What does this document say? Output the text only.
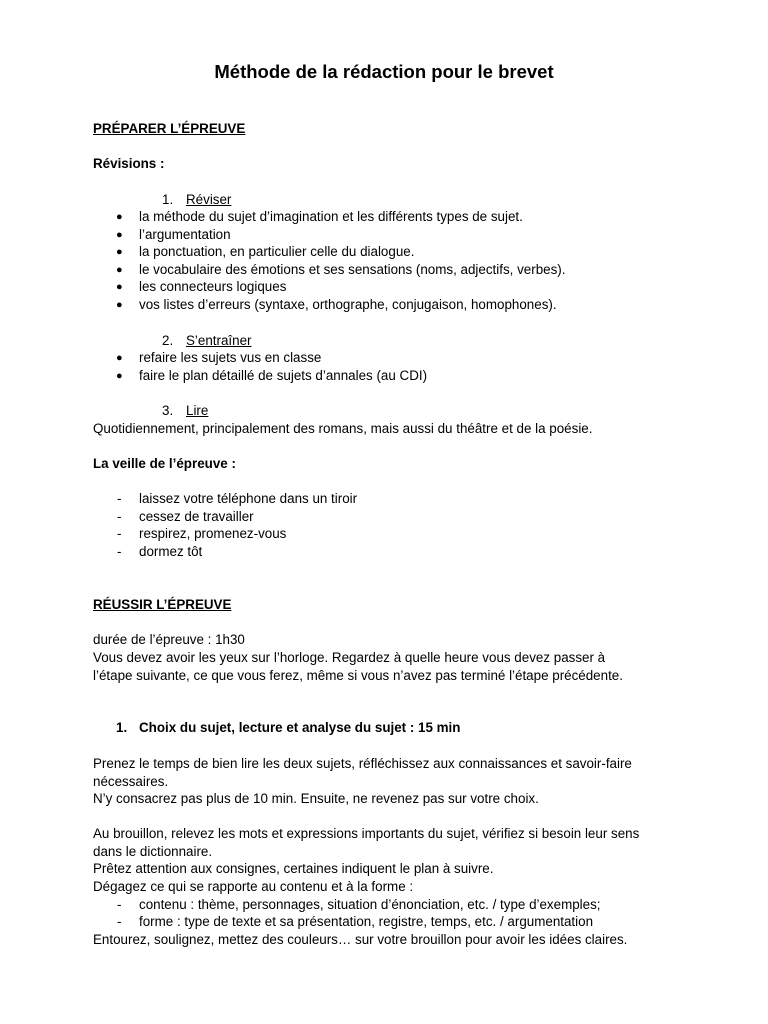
Méthode de la rédaction pour le brevet
PRÉPARER L’ÉPREUVE
Révisions :
1. Réviser
● la méthode du sujet d’imagination et les différents types de sujet.
● l’argumentation
● la ponctuation, en particulier celle du dialogue.
● le vocabulaire des émotions et ses sensations (noms, adjectifs, verbes).
● les connecteurs logiques
● vos listes d’erreurs (syntaxe, orthographe, conjugaison, homophones).
2. S’entraîner
● refaire les sujets vus en classe
● faire le plan détaillé de sujets d’annales (au CDI)
3. Lire
Quotidiennement, principalement des romans, mais aussi du théâtre et de la poésie.
La veille de l’épreuve :
- laissez votre téléphone dans un tiroir
- cessez de travailler
- respirez, promenez-vous
- dormez tôt
RÉUSSIR L’ÉPREUVE
durée de l’épreuve : 1h30
Vous devez avoir les yeux sur l’horloge. Regardez à quelle heure vous devez passer à
l’étape suivante, ce que vous ferez, même si vous n’avez pas terminé l’étape précédente.
1. Choix du sujet, lecture et analyse du sujet : 15 min
Prenez le temps de bien lire les deux sujets, réfléchissez aux connaissances et savoir-faire
nécessaires.
N’y consacrez pas plus de 10 min. Ensuite, ne revenez pas sur votre choix.
Au brouillon, relevez les mots et expressions importants du sujet, vérifiez si besoin leur sens
dans le dictionnaire.
Prêtez attention aux consignes, certaines indiquent le plan à suivre.
Dégagez ce qui se rapporte au contenu et à la forme :
- contenu : thème, personnages, situation d’énonciation, etc. / type d’exemples;
- forme : type de texte et sa présentation, registre, temps, etc. / argumentation
Entourez, soulignez, mettez des couleurs… sur votre brouillon pour avoir les idées claires.
